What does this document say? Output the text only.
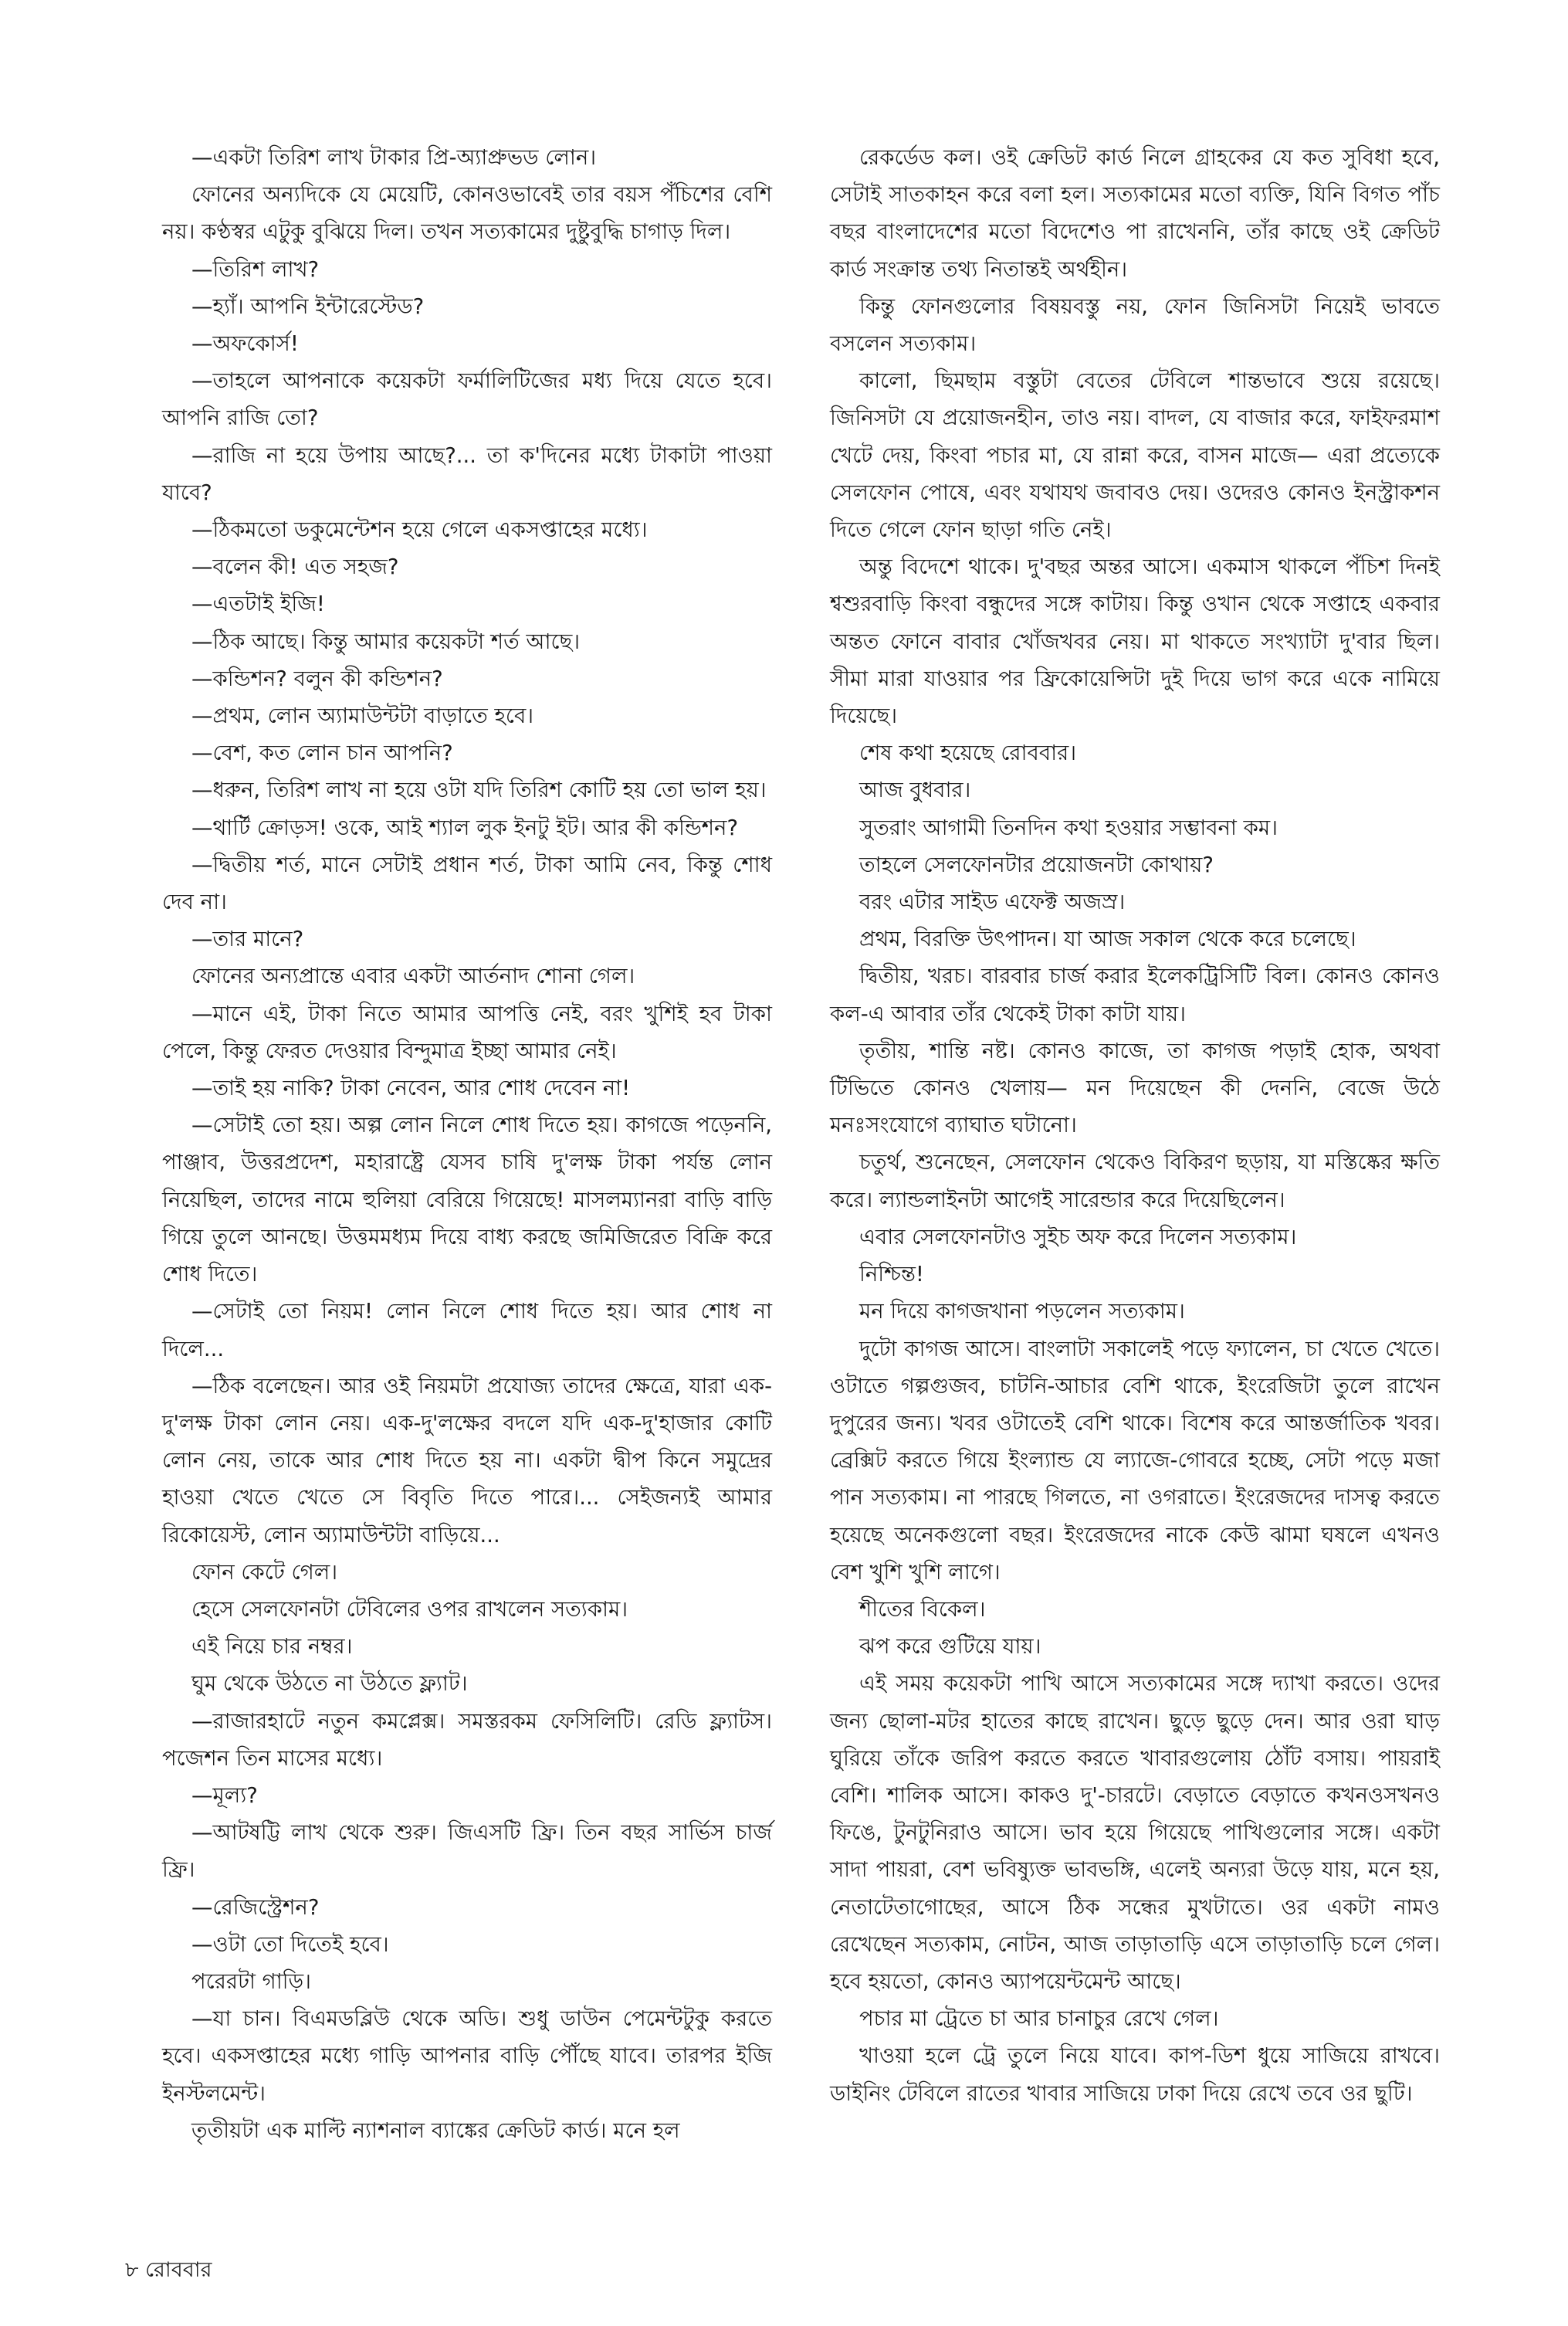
—একটা তিরিশ লাখ টাকার প্রি-অ্যাপ্রুভড লোন।

ফোনের অন্যদিকে যে মেয়েটি, কোনওভাবেই তার বয়স পঁচিশের বেশি নয়। কণ্ঠস্বর এটুকু বুঝিয়ে দিল। তখন সত্যকামের দুষ্টুবুদ্ধি চাগাড় দিল।

—তিরিশ লাখ?

—হ্যাঁ। আপনি ইন্টারেস্টেড?

—অফকোর্স!

—তাহলে আপনাকে কয়েকটা ফর্মালিটিজের মধ্য দিয়ে যেতে হবে। আপনি রাজি তো?

—রাজি না হয়ে উপায় আছে?... তা ক'দিনের মধ্যে টাকাটা পাওয়া যাবে?

—ঠিকমতো ডকুমেন্টেশন হয়ে গেলে একসপ্তাহের মধ্যে।

—বলেন কী! এত সহজ?

—এতটাই ইজি!

—ঠিক আছে। কিন্তু আমার কয়েকটা শর্ত আছে।

—কন্ডিশন? বলুন কী কন্ডিশন?

—প্রথম, লোন অ্যামাউন্টটা বাড়াতে হবে।

—বেশ, কত লোন চান আপনি?

—ধরুন, তিরিশ লাখ না হয়ে ওটা যদি তিরিশ কোটি হয় তো ভাল হয়।

—থার্টি ক্রোড়স! ওকে, আই শ্যাল লুক ইনটু ইট। আর কী কন্ডিশন?

—দ্বিতীয় শর্ত, মানে সেটাই প্রধান শর্ত, টাকা আমি নেব, কিন্তু শোধ দেব না।

—তার মানে?

ফোনের অন্যপ্রান্তে এবার একটা আর্তনাদ শোনা গেল।

—মানে এই, টাকা নিতে আমার আপত্তি নেই, বরং খুশিই হব টাকা পেলে, কিন্তু ফেরত দেওয়ার বিন্দুমাত্র ইচ্ছা আমার নেই।

—তাই হয় নাকি? টাকা নেবেন, আর শোধ দেবেন না!

—সেটাই তো হয়। অল্প লোন নিলে শোধ দিতে হয়। কাগজে পড়েননি, পাঞ্জাব, উত্তরপ্রদেশ, মহারাষ্ট্রে যেসব চাষি দু'লক্ষ টাকা পর্যন্ত লোন নিয়েছিল, তাদের নামে হুলিয়া বেরিয়ে গিয়েছে! মাসলম্যানরা বাড়ি বাড়ি গিয়ে তুলে আনছে। উত্তমমধ্যম দিয়ে বাধ্য করছে জমিজিরেত বিক্রি করে শোধ দিতে।

—সেটাই তো নিয়ম! লোন নিলে শোধ দিতে হয়। আর শোধ না দিলে...

—ঠিক বলেছেন। আর ওই নিয়মটা প্রযোজ্য তাদের ক্ষেত্রে, যারা এক-দু'লক্ষ টাকা লোন নেয়। এক-দু'লক্ষের বদলে যদি এক-দু'হাজার কোটি লোন নেয়, তাকে আর শোধ দিতে হয় না। একটা দ্বীপ কিনে সমুদ্রের হাওয়া খেতে খেতে সে বিবৃতি দিতে পারে।... সেইজন্যই আমার রিকোয়েস্ট, লোন অ্যামাউন্টটা বাড়িয়ে...

ফোন কেটে গেল।

হেসে সেলফোনটা টেবিলের ওপর রাখলেন সত্যকাম।

এই নিয়ে চার নম্বর।

ঘুম থেকে উঠতে না উঠতে ফ্ল্যাট।

—রাজারহাটে নতুন কমপ্লেক্স। সমস্তরকম ফেসিলিটি। রেডি ফ্ল্যাটস। পজেশন তিন মাসের মধ্যে।

—মূল্য?

—আটষট্টি লাখ থেকে শুরু। জিএসটি ফ্রি। তিন বছর সার্ভিস চার্জ ফ্রি।

—রেজিস্ট্রেশন?

—ওটা তো দিতেই হবে।

পরেরটা গাড়ি।

—যা চান। বিএমডব্লিউ থেকে অডি। শুধু ডাউন পেমেন্টটুকু করতে হবে। একসপ্তাহের মধ্যে গাড়ি আপনার বাড়ি পৌঁছে যাবে। তারপর ইজি ইনস্টলমেন্ট।

তৃতীয়টা এক মাল্টি ন্যাশনাল ব্যাঙ্কের ক্রেডিট কার্ড। মনে হল

রেকর্ডেড কল। ওই ক্রেডিট কার্ড নিলে গ্রাহকের যে কত সুবিধা হবে, সেটাই সাতকাহন করে বলা হল। সত্যকামের মতো ব্যক্তি, যিনি বিগত পাঁচ বছর বাংলাদেশের মতো বিদেশেও পা রাখেননি, তাঁর কাছে ওই ক্রেডিট কার্ড সংক্রান্ত তথ্য নিতান্তই অর্থহীন।

কিন্তু ফোনগুলোর বিষয়বস্তু নয়, ফোন জিনিসটা নিয়েই ভাবতে বসলেন সত্যকাম।

কালো, ছিমছাম বস্তুটা বেতের টেবিলে শান্তভাবে শুয়ে রয়েছে। জিনিসটা যে প্রয়োজনহীন, তাও নয়। বাদল, যে বাজার করে, ফাইফরমাশ খেটে দেয়, কিংবা পচার মা, যে রান্না করে, বাসন মাজে— এরা প্রত্যেকে সেলফোন পোষে, এবং যথাযথ জবাবও দেয়। ওদেরও কোনও ইনস্ট্রাকশন দিতে গেলে ফোন ছাড়া গতি নেই।

অন্তু বিদেশে থাকে। দু'বছর অন্তর আসে। একমাস থাকলে পঁচিশ দিনই শ্বশুরবাড়ি কিংবা বন্ধুদের সঙ্গে কাটায়। কিন্তু ওখান থেকে সপ্তাহে একবার অন্তত ফোনে বাবার খোঁজখবর নেয়। মা থাকতে সংখ্যাটা দু'বার ছিল। সীমা মারা যাওয়ার পর ফ্রিকোয়েন্সিটা দুই দিয়ে ভাগ করে একে নামিয়ে দিয়েছে।

শেষ কথা হয়েছে রোববার।

আজ বুধবার।

সুতরাং আগামী তিনদিন কথা হওয়ার সম্ভাবনা কম।

তাহলে সেলফোনটার প্রয়োজনটা কোথায়?

বরং এটার সাইড এফেক্ট অজস্র।

প্রথম, বিরক্তি উৎপাদন। যা আজ সকাল থেকে করে চলেছে।

দ্বিতীয়, খরচ। বারবার চার্জ করার ইলেকট্রিসিটি বিল। কোনও কোনও কল-এ আবার তাঁর থেকেই টাকা কাটা যায়।

তৃতীয়, শান্তি নষ্ট। কোনও কাজে, তা কাগজ পড়াই হোক, অথবা টিভিতে কোনও খেলায়— মন দিয়েছেন কী দেননি, বেজে উঠে মনঃসংযোগে ব্যাঘাত ঘটানো।

চতুর্থ, শুনেছেন, সেলফোন থেকেও বিকিরণ ছড়ায়, যা মস্তিষ্কের ক্ষতি করে। ল্যান্ডলাইনটা আগেই সারেন্ডার করে দিয়েছিলেন।

এবার সেলফোনটাও সুইচ অফ করে দিলেন সত্যকাম।

নিশ্চিন্ত!

মন দিয়ে কাগজখানা পড়লেন সত্যকাম।

দুটো কাগজ আসে। বাংলাটা সকালেই পড়ে ফ্যালেন, চা খেতে খেতে। ওটাতে গল্পগুজব, চাটনি-আচার বেশি থাকে, ইংরেজিটা তুলে রাখেন দুপুরের জন্য। খবর ওটাতেই বেশি থাকে। বিশেষ করে আন্তর্জাতিক খবর। ব্রেক্সিট করতে গিয়ে ইংল্যান্ড যে ল্যাজে-গোবরে হচ্ছে, সেটা পড়ে মজা পান সত্যকাম। না পারছে গিলতে, না ওগরাতে। ইংরেজদের দাসত্ব করতে হয়েছে অনেকগুলো বছর। ইংরেজদের নাকে কেউ ঝামা ঘষলে এখনও বেশ খুশি খুশি লাগে।

শীতের বিকেল।

ঝপ করে গুটিয়ে যায়।

এই সময় কয়েকটা পাখি আসে সত্যকামের সঙ্গে দ্যাখা করতে। ওদের জন্য ছোলা-মটর হাতের কাছে রাখেন। ছুড়ে ছুড়ে দেন। আর ওরা ঘাড় ঘুরিয়ে তাঁকে জরিপ করতে করতে খাবারগুলোয় ঠোঁট বসায়। পায়রাই বেশি। শালিক আসে। কাকও দু'-চারটে। বেড়াতে বেড়াতে কখনওসখনও ফিঙে, টুনটুনিরাও আসে। ভাব হয়ে গিয়েছে পাখিগুলোর সঙ্গে। একটা সাদা পায়রা, বেশ ভবিষ্যুক্ত ভাবভঙ্গি, এলেই অন্যরা উড়ে যায়, মনে হয়, নেতাটেতাগোছের, আসে ঠিক সন্ধের মুখটাতে। ওর একটা নামও রেখেছেন সত্যকাম, নোটন, আজ তাড়াতাড়ি এসে তাড়াতাড়ি চলে গেল। হবে হয়তো, কোনও অ্যাপয়েন্টমেন্ট আছে।

পচার মা ট্রেতে চা আর চানাচুর রেখে গেল।

খাওয়া হলে ট্রে তুলে নিয়ে যাবে। কাপ-ডিশ ধুয়ে সাজিয়ে রাখবে। ডাইনিং টেবিলে রাতের খাবার সাজিয়ে ঢাকা দিয়ে রেখে তবে ওর ছুটি।

৮ রোববার
